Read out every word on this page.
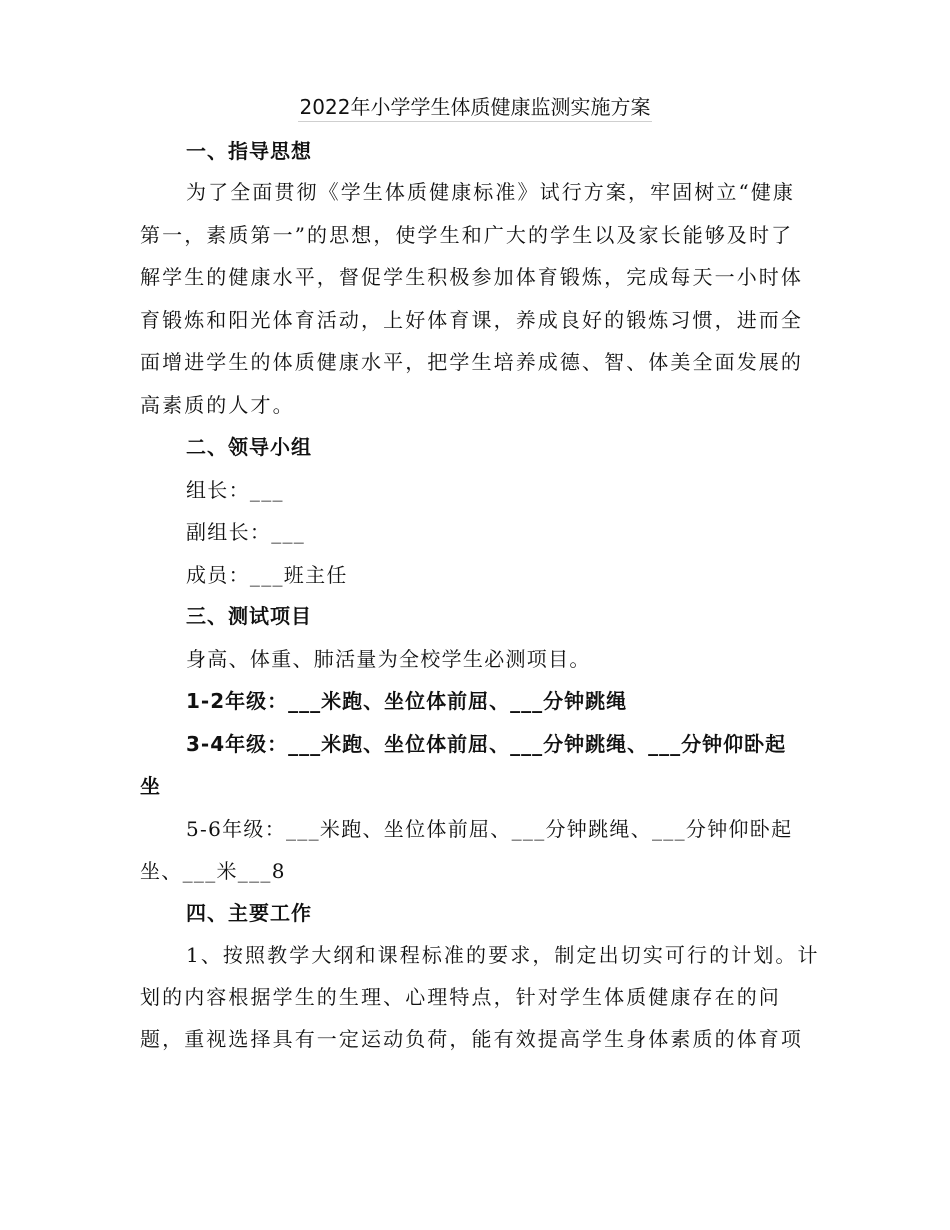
2022年小学学生体质健康监测实施方案
一、指导思想
为了全面贯彻《学生体质健康标准》试行方案，牢固树立“健康
第一，素质第一”的思想，使学生和广大的学生以及家长能够及时了
解学生的健康水平，督促学生积极参加体育锻炼，完成每天一小时体
育锻炼和阳光体育活动，上好体育课，养成良好的锻炼习惯，进而全
面增进学生的体质健康水平，把学生培养成德、智、体美全面发展的
高素质的人才。
二、领导小组
组长：___
副组长：___
成员：___班主任
三、测试项目
身高、体重、肺活量为全校学生必测项目。
1-2年级：___米跑、坐位体前屈、___分钟跳绳
3-4年级：___米跑、坐位体前屈、___分钟跳绳、___分钟仰卧起
坐
5-6年级：___米跑、坐位体前屈、___分钟跳绳、___分钟仰卧起
坐、___米___8
四、主要工作
1、按照教学大纲和课程标准的要求，制定出切实可行的计划。计
划的内容根据学生的生理、心理特点，针对学生体质健康存在的问
题，重视选择具有一定运动负荷，能有效提高学生身体素质的体育项
